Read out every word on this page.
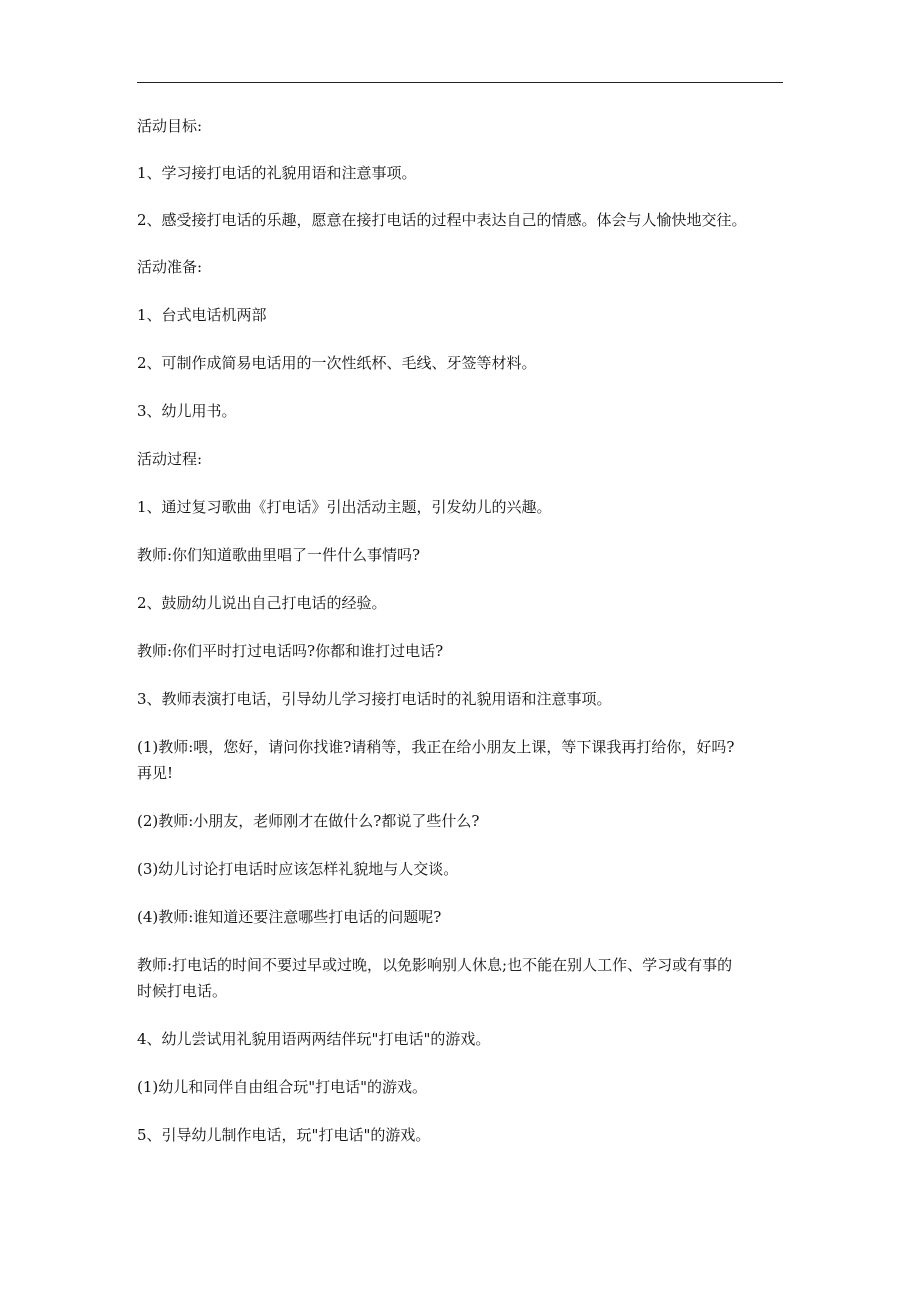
活动目标:
1、学习接打电话的礼貌用语和注意事项。
2、感受接打电话的乐趣，愿意在接打电话的过程中表达自己的情感。体会与人愉快地交往。
活动准备:
1、台式电话机两部
2、可制作成简易电话用的一次性纸杯、毛线、牙签等材料。
3、幼儿用书。
活动过程:
1、通过复习歌曲《打电话》引出活动主题，引发幼儿的兴趣。
教师:你们知道歌曲里唱了一件什么事情吗?
2、鼓励幼儿说出自己打电话的经验。
教师:你们平时打过电话吗?你都和谁打过电话?
3、教师表演打电话，引导幼儿学习接打电话时的礼貌用语和注意事项。
(1)教师:喂，您好，请问你找谁?请稍等，我正在给小朋友上课，等下课我再打给你，好吗?
再见!
(2)教师:小朋友，老师刚才在做什么?都说了些什么?
(3)幼儿讨论打电话时应该怎样礼貌地与人交谈。
(4)教师:谁知道还要注意哪些打电话的问题呢?
教师:打电话的时间不要过早或过晚，以免影响别人休息;也不能在别人工作、学习或有事的
时候打电话。
4、幼儿尝试用礼貌用语两两结伴玩"打电话"的游戏。
(1)幼儿和同伴自由组合玩"打电话"的游戏。
5、引导幼儿制作电话，玩"打电话"的游戏。
